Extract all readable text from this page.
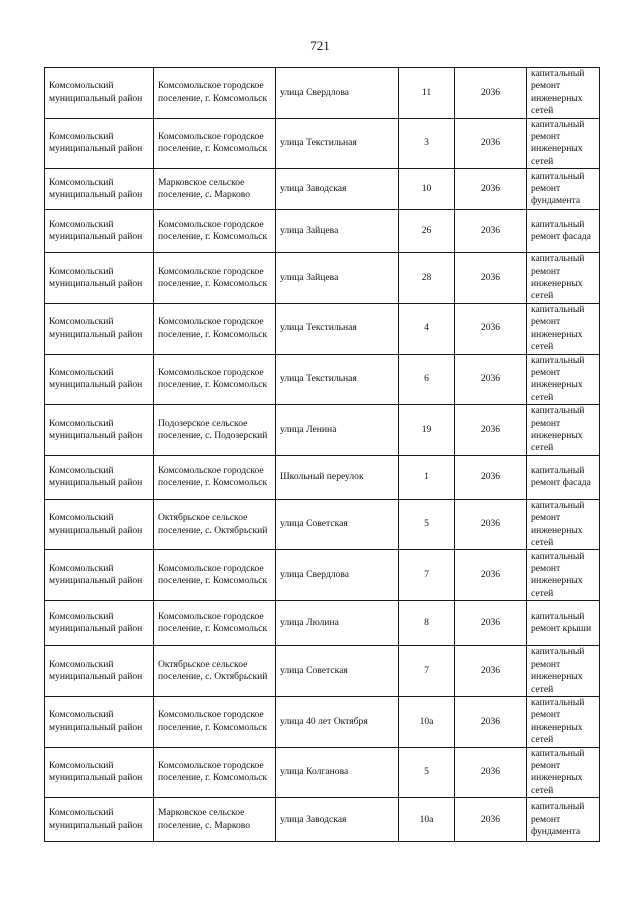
721
Комсомольский муниципальный район	Комсомольское городское поселение, г. Комсомольск	улица Свердлова	11	2036	капитальный ремонт инженерных сетей
Комсомольский муниципальный район	Комсомольское городское поселение, г. Комсомольск	улица Текстильная	3	2036	капитальный ремонт инженерных сетей
Комсомольский муниципальный район	Марковское сельское поселение, с. Марково	улица Заводская	10	2036	капитальный ремонт фундамента
Комсомольский муниципальный район	Комсомольское городское поселение, г. Комсомольск	улица Зайцева	26	2036	капитальный ремонт фасада
Комсомольский муниципальный район	Комсомольское городское поселение, г. Комсомольск	улица Зайцева	28	2036	капитальный ремонт инженерных сетей
Комсомольский муниципальный район	Комсомольское городское поселение, г. Комсомольск	улица Текстильная	4	2036	капитальный ремонт инженерных сетей
Комсомольский муниципальный район	Комсомольское городское поселение, г. Комсомольск	улица Текстильная	6	2036	капитальный ремонт инженерных сетей
Комсомольский муниципальный район	Подозерское сельское поселение, с. Подозерский	улица Ленина	19	2036	капитальный ремонт инженерных сетей
Комсомольский муниципальный район	Комсомольское городское поселение, г. Комсомольск	Школьный переулок	1	2036	капитальный ремонт фасада
Комсомольский муниципальный район	Октябрьское сельское поселение, с. Октябрьский	улица Советская	5	2036	капитальный ремонт инженерных сетей
Комсомольский муниципальный район	Комсомольское городское поселение, г. Комсомольск	улица Свердлова	7	2036	капитальный ремонт инженерных сетей
Комсомольский муниципальный район	Комсомольское городское поселение, г. Комсомольск	улица Люлина	8	2036	капитальный ремонт крыши
Комсомольский муниципальный район	Октябрьское сельское поселение, с. Октябрьский	улица Советская	7	2036	капитальный ремонт инженерных сетей
Комсомольский муниципальный район	Комсомольское городское поселение, г. Комсомольск	улица 40 лет Октября	10а	2036	капитальный ремонт инженерных сетей
Комсомольский муниципальный район	Комсомольское городское поселение, г. Комсомольск	улица Колганова	5	2036	капитальный ремонт инженерных сетей
Комсомольский муниципальный район	Марковское сельское поселение, с. Марково	улица Заводская	10а	2036	капитальный ремонт фундамента
